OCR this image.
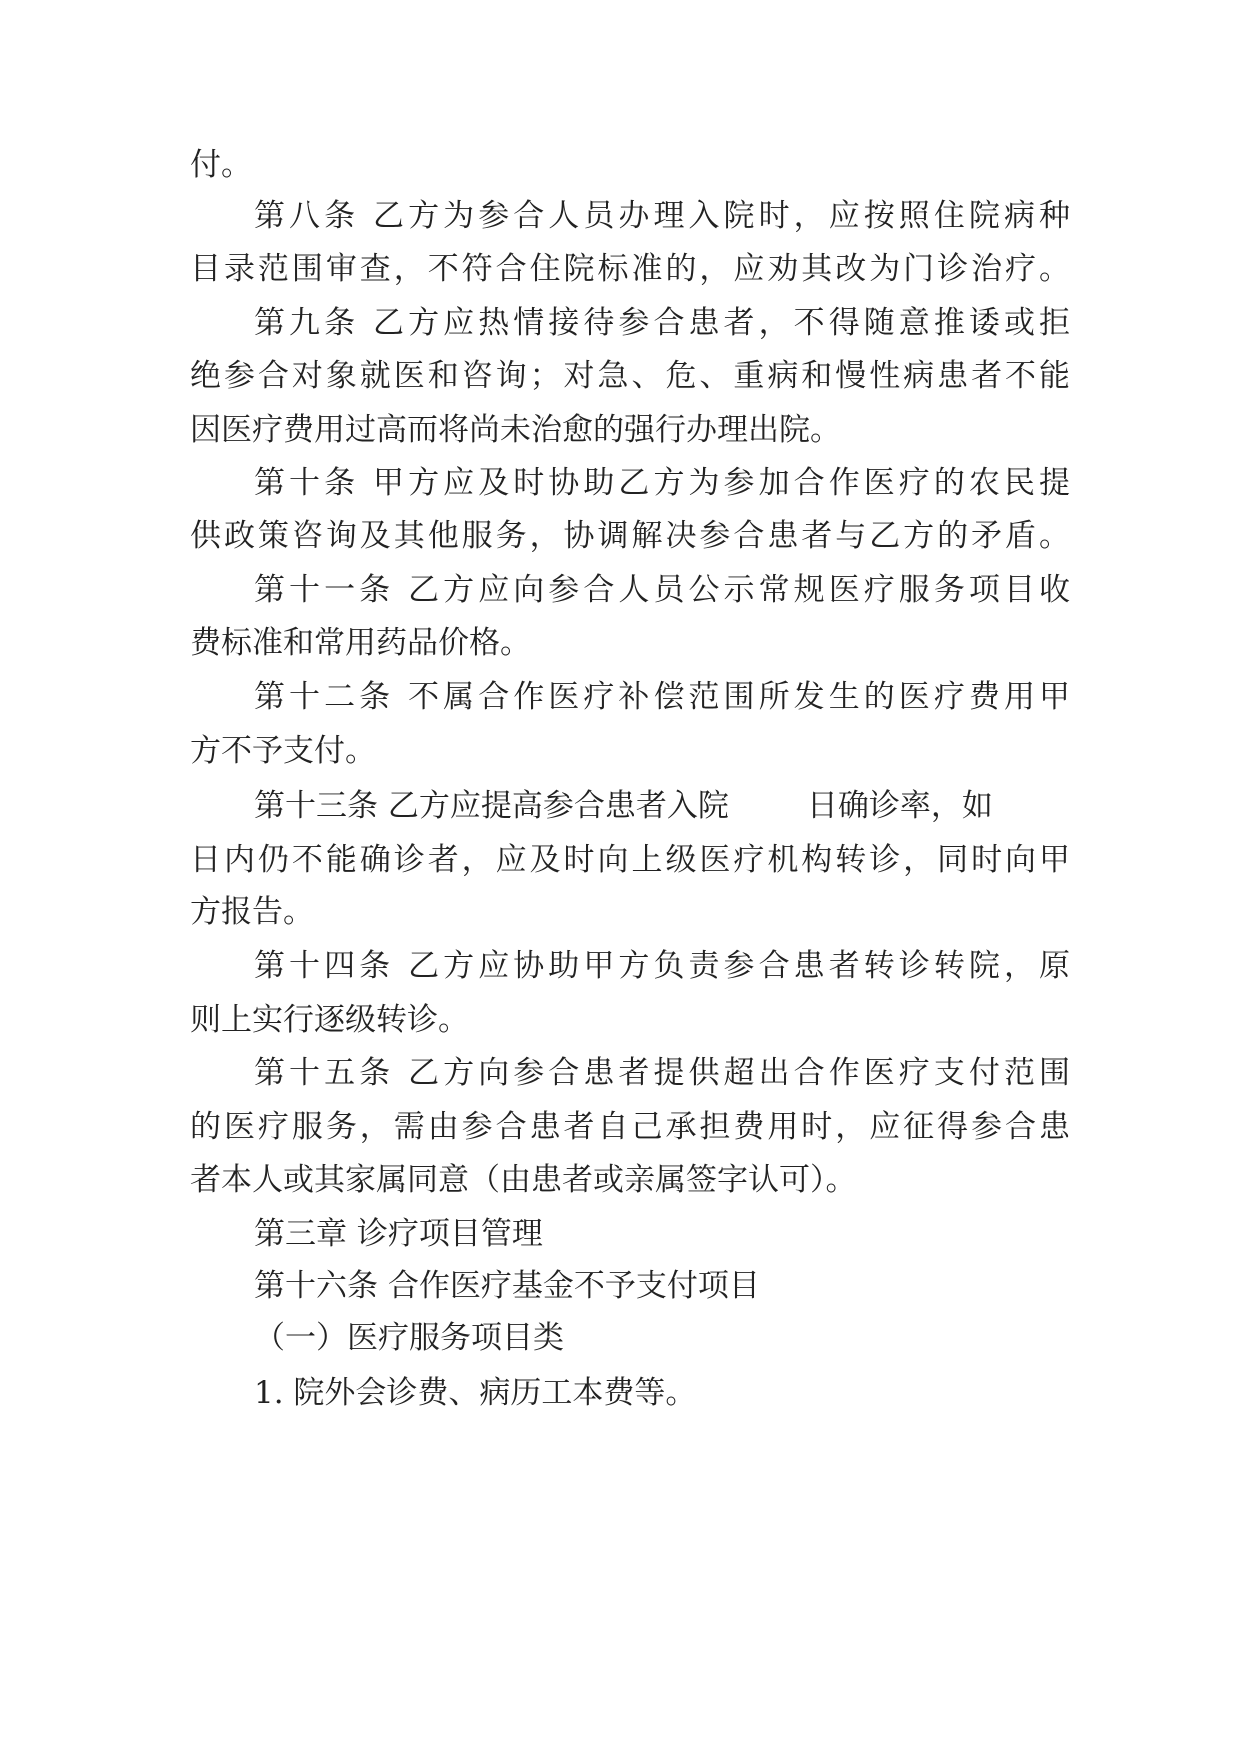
付。
第八条 乙方为参合人员办理入院时，应按照住院病种
目录范围审查，不符合住院标准的，应劝其改为门诊治疗。
第九条 乙方应热情接待参合患者，不得随意推诿或拒
绝参合对象就医和咨询；对急、危、重病和慢性病患者不能
因医疗费用过高而将尚未治愈的强行办理出院。
第十条 甲方应及时协助乙方为参加合作医疗的农民提
供政策咨询及其他服务，协调解决参合患者与乙方的矛盾。
第十一条 乙方应向参合人员公示常规医疗服务项目收
费标准和常用药品价格。
第十二条 不属合作医疗补偿范围所发生的医疗费用甲
方不予支付。
第十三条 乙方应提高参合患者入院	日确诊率，如
日内仍不能确诊者，应及时向上级医疗机构转诊，同时向甲
方报告。
第十四条 乙方应协助甲方负责参合患者转诊转院，原
则上实行逐级转诊。
第十五条 乙方向参合患者提供超出合作医疗支付范围
的医疗服务，需由参合患者自己承担费用时，应征得参合患
者本人或其家属同意（由患者或亲属签字认可）。
第三章 诊疗项目管理
第十六条 合作医疗基金不予支付项目
（一）医疗服务项目类
1. 院外会诊费、病历工本费等。
